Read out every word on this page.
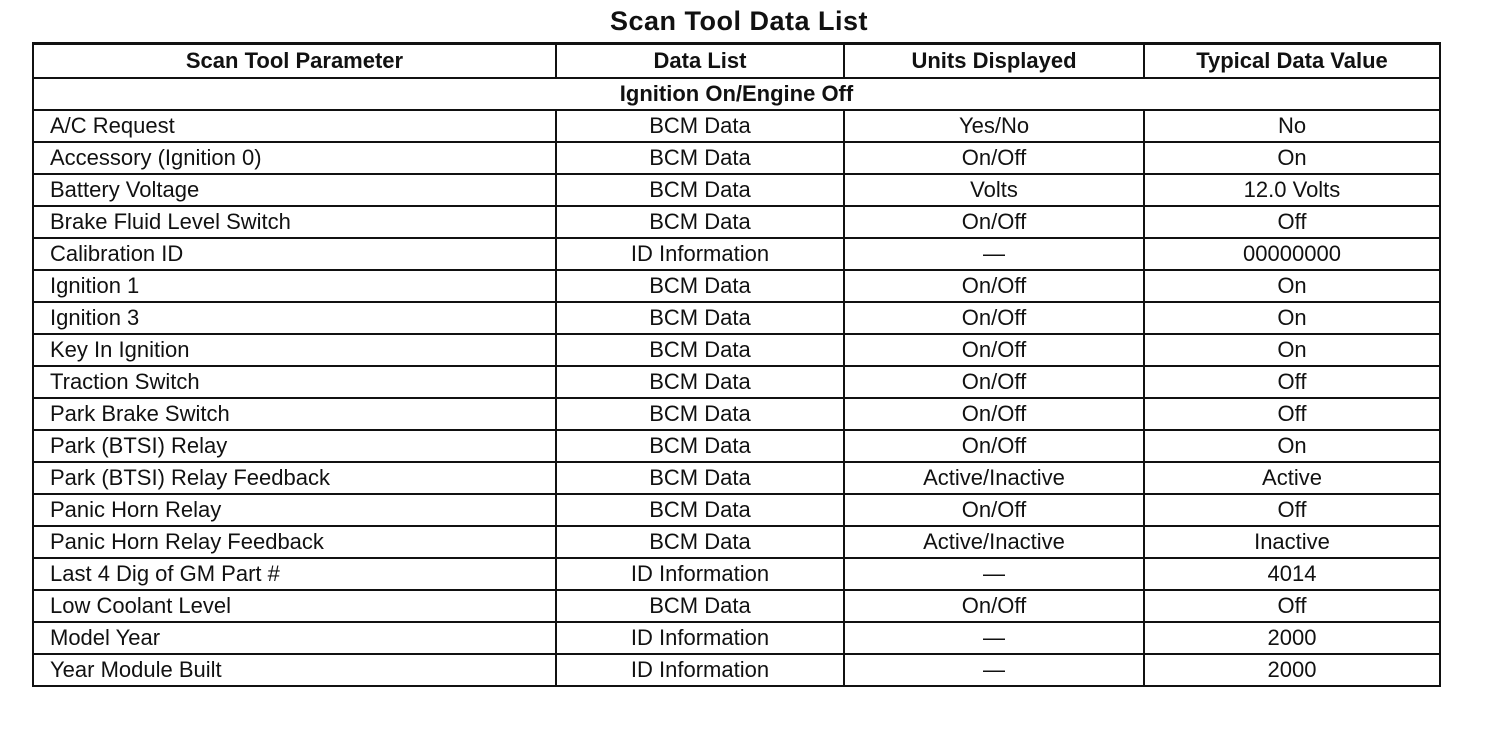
Scan Tool Data List
Scan Tool Parameter	Data List	Units Displayed	Typical Data Value
Ignition On/Engine Off			
A/C Request	BCM Data	Yes/No	No
Accessory (Ignition 0)	BCM Data	On/Off	On
Battery Voltage	BCM Data	Volts	12.0 Volts
Brake Fluid Level Switch	BCM Data	On/Off	Off
Calibration ID	ID Information	—	00000000
Ignition 1	BCM Data	On/Off	On
Ignition 3	BCM Data	On/Off	On
Key In Ignition	BCM Data	On/Off	On
Traction Switch	BCM Data	On/Off	Off
Park Brake Switch	BCM Data	On/Off	Off
Park (BTSI) Relay	BCM Data	On/Off	On
Park (BTSI) Relay Feedback	BCM Data	Active/Inactive	Active
Panic Horn Relay	BCM Data	On/Off	Off
Panic Horn Relay Feedback	BCM Data	Active/Inactive	Inactive
Last 4 Dig of GM Part #	ID Information	—	4014
Low Coolant Level	BCM Data	On/Off	Off
Model Year	ID Information	—	2000
Year Module Built	ID Information	—	2000
